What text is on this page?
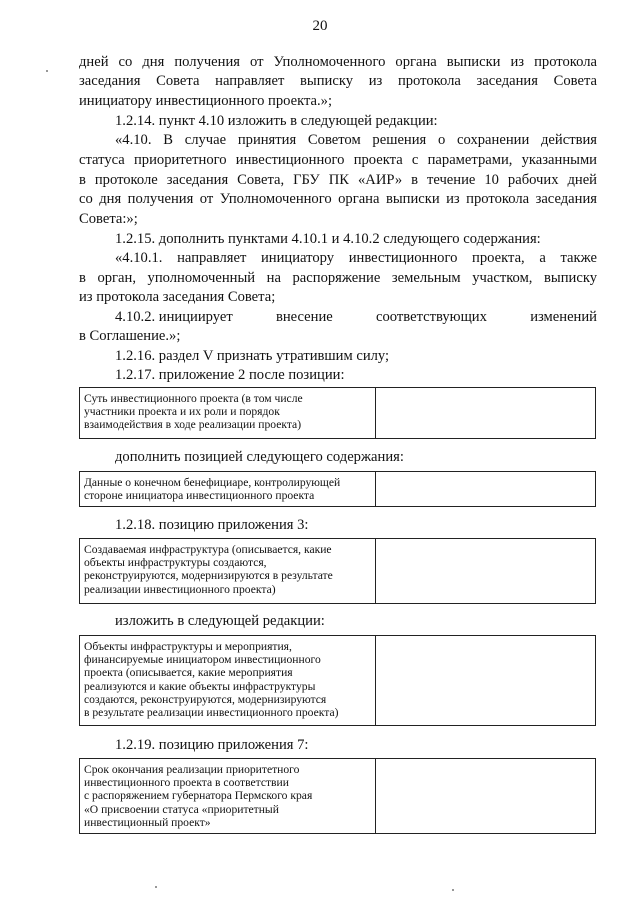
20
дней со дня получения от Уполномоченного органа выписки из протокола
заседания Совета направляет выписку из протокола заседания Совета
инициатору инвестиционного проекта.»;
1.2.14. пункт 4.10 изложить в следующей редакции:
«4.10. В случае принятия Советом решения о сохранении действия
статуса приоритетного инвестиционного проекта с параметрами, указанными
в протоколе заседания Совета, ГБУ ПК «АИР» в течение 10 рабочих дней
со дня получения от Уполномоченного органа выписки из протокола заседания
Совета:»;
1.2.15. дополнить пунктами 4.10.1 и 4.10.2 следующего содержания:
«4.10.1. направляет инициатору инвестиционного проекта, а также
в орган, уполномоченный на распоряжение земельным участком, выписку
из протокола заседания Совета;
4.10.2. инициирует	внесение	соответствующих	изменений
в Соглашение.»;
1.2.16. раздел V признать утратившим силу;
1.2.17. приложение 2 после позиции:
Суть инвестиционного проекта (в том числе
участники проекта и их роли и порядок
взаимодействия в ходе реализации проекта)
дополнить позицией следующего содержания:
Данные о конечном бенефициаре, контролирующей
стороне инициатора инвестиционного проекта
1.2.18. позицию приложения 3:
Создаваемая инфраструктура (описывается, какие
объекты инфраструктуры создаются,
реконструируются, модернизируются в результате
реализации инвестиционного проекта)
изложить в следующей редакции:
Объекты инфраструктуры и мероприятия,
финансируемые инициатором инвестиционного
проекта (описывается, какие мероприятия
реализуются и какие объекты инфраструктуры
создаются, реконструируются, модернизируются
в результате реализации инвестиционного проекта)
1.2.19. позицию приложения 7:
Срок окончания реализации приоритетного
инвестиционного проекта в соответствии
с распоряжением губернатора Пермского края
«О присвоении статуса «приоритетный
инвестиционный проект»
